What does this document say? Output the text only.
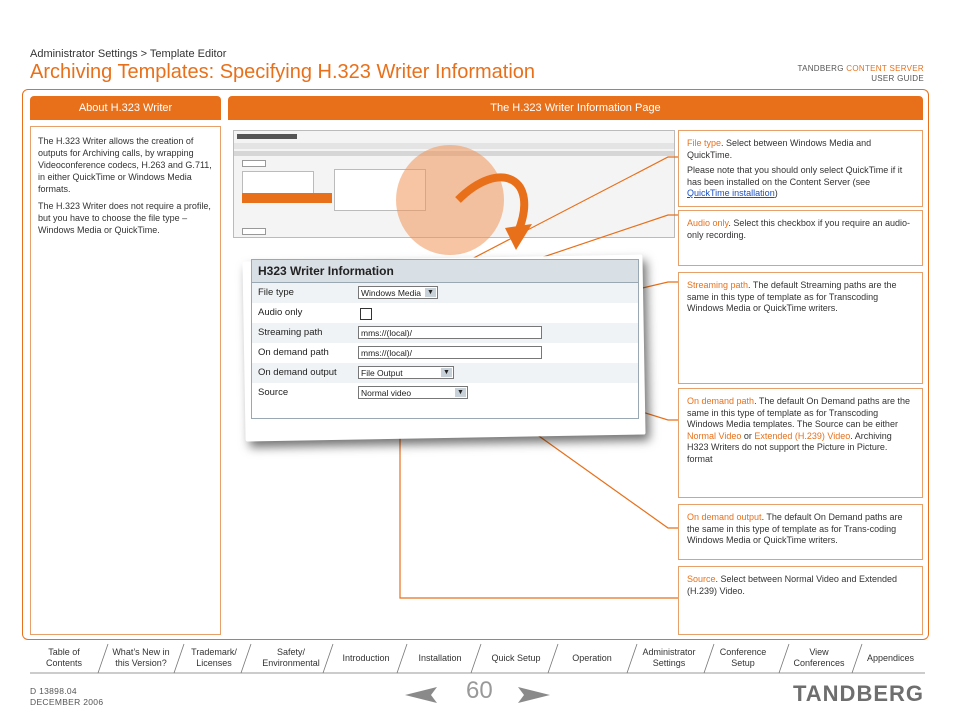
Administrator Settings > Template Editor
Archiving Templates: Specifying H.323 Writer Information	TANDBERG CONTENT SERVER
USER GUIDE
About H.323 Writer	The H.323 Writer Information Page

The H.323 Writer allows the creation of outputs for Archiving calls, by wrapping Videoconference codecs, H.263 and G.711, in either QuickTime or Windows Media formats.

The H.323 Writer does not require a profile, but you have to choose the file type – Windows Media or QuickTime.

H323 Writer Information
File type	Windows Media ▼
Audio only
Streaming path	mms://(local)/
On demand path	mms://(local)/
On demand output	File Output	▼
Source	Normal video	▼

File type. Select between Windows Media and QuickTime.

Please note that you should only select QuickTime if it has been installed on the Content Server (see QuickTime installation)

Audio only. Select this checkbox if you require an audio-only recording.

Streaming path. The default Streaming paths are the same in this type of template as for Transcoding Windows Media or QuickTime writers.

On demand path. The default On Demand paths are the same in this type of template as for Transcoding Windows Media templates. The Source can be either Normal Video or Extended (H.239) Video. Archiving H323 Writers do not support the Picture in Picture. format

On demand output. The default On Demand paths are the same in this type of template as for Trans-coding Windows Media or QuickTime writers.

Source. Select between Normal Video and Extended (H.239) Video.

Table of
Contents
What’s New in
this Version?
Trademark/
Licenses
Safety/
Environmental
Introduction	Installation	Quick Setup	Operation
Administrator
Settings
Conference
Setup
View
Conferences
Appendices
D 13898.04
DECEMBER 2006	60	TANDBERG
